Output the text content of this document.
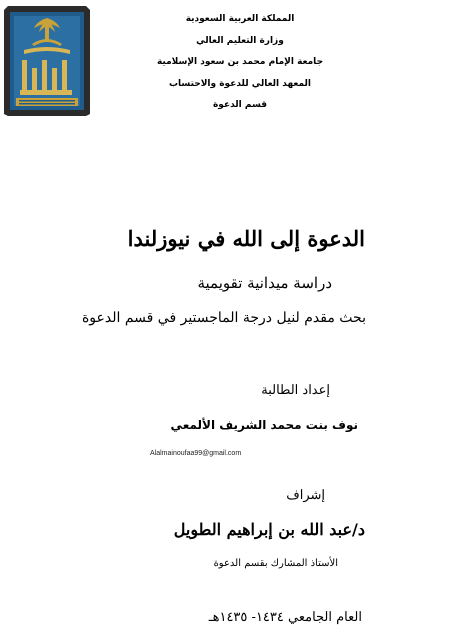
المملكة العربية السعودية
وزارة التعليم العالي
جامعة الإمام محمد بن سعود الإسلامية
المعهد العالي للدعوة والاحتساب
قسم الدعوة
الدعوة إلى الله في نيوزلندا
دراسة ميدانية تقويمية
بحث مقدم لنيل درجة الماجستير في قسم الدعوة
إعداد الطالبة
نوف بنت محمد الشريف الألمعي
Alalmainoufaa99@gmail.com
إشراف
د/عبد الله بن إبراهيم الطويل
الأستاذ المشارك بقسم الدعوة
العام الجامعي ١٤٣٤- ١٤٣٥هـ
